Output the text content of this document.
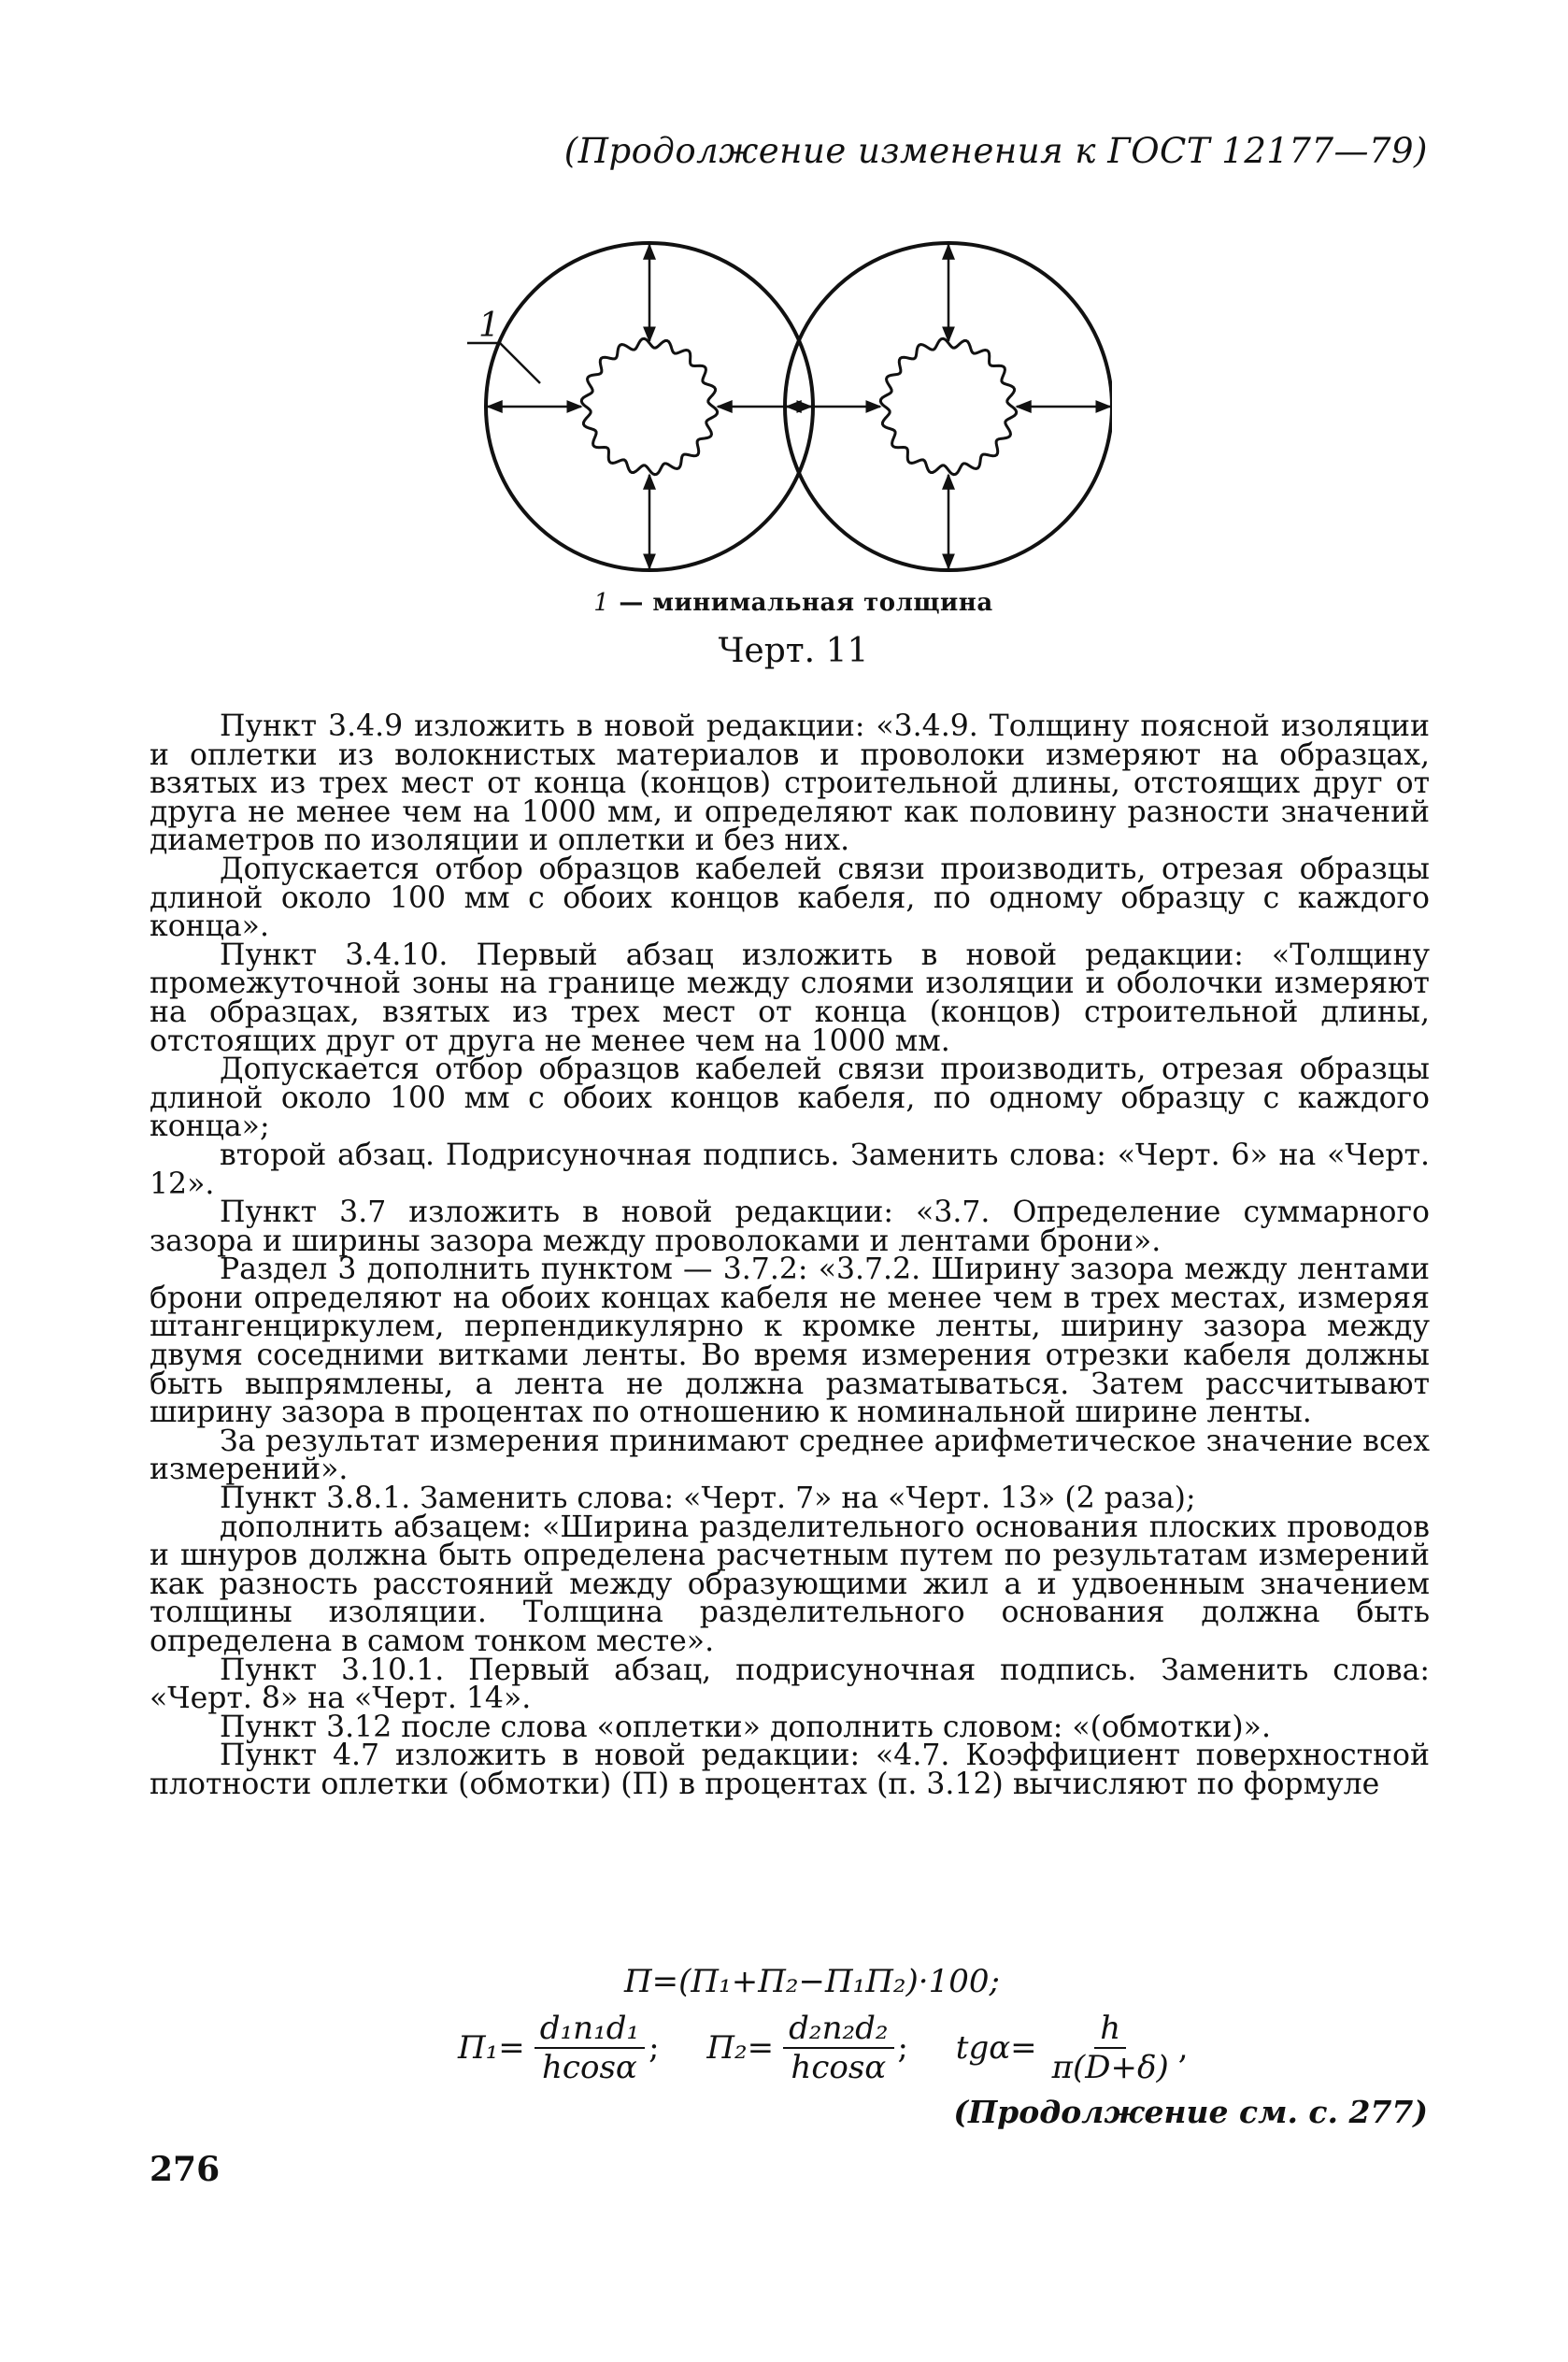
(Продолжение изменения к ГОСТ 12177—79)
1
1 — минимальная толщина
Черт. 11

Пункт 3.4.9 изложить в новой редакции: «3.4.9. Толщину поясной изоляции и оплетки из волокнистых материалов и проволоки измеряют на образцах, взятых из трех мест от конца (концов) строительной длины, отстоящих друг от друга не менее чем на 1000 мм, и определяют как половину разности значений диаметров по изоляции и оплетки и без них.

Допускается отбор образцов кабелей связи производить, отрезая образцы длиной около 100 мм с обоих концов кабеля, по одному образцу с каждого конца».

Пункт 3.4.10. Первый абзац изложить в новой редакции: «Толщину промежуточной зоны на границе между слоями изоляции и оболочки измеряют на образцах, взятых из трех мест от конца (концов) строительной длины, отстоящих друг от друга не менее чем на 1000 мм.

Допускается отбор образцов кабелей связи производить, отрезая образцы длиной около 100 мм с обоих концов кабеля, по одному образцу с каждого конца»;

второй абзац. Подрисуночная подпись. Заменить слова: «Черт. 6» на «Черт. 12».

Пункт 3.7 изложить в новой редакции: «3.7. Определение суммарного зазора и ширины зазора между проволоками и лентами брони».

Раздел 3 дополнить пунктом — 3.7.2: «3.7.2. Ширину зазора между лентами брони определяют на обоих концах кабеля не менее чем в трех местах, измеряя штангенциркулем, перпендикулярно к кромке ленты, ширину зазора между двумя соседними витками ленты. Во время измерения отрезки кабеля должны быть выпрямлены, а лента не должна разматываться. Затем рассчитывают ширину зазора в процентах по отношению к номинальной ширине ленты.

За результат измерения принимают среднее арифметическое значение всех измерений».

Пункт 3.8.1. Заменить слова: «Черт. 7» на «Черт. 13» (2 раза);

дополнить абзацем: «Ширина разделительного основания плоских проводов и шнуров должна быть определена расчетным путем по результатам измерений как разность расстояний между образующими жил a и удвоенным значением толщины изоляции. Толщина разделительного основания должна быть определена в самом тонком месте».

Пункт 3.10.1. Первый абзац, подрисуночная подпись. Заменить слова: «Черт. 8» на «Черт. 14».

Пункт 3.12 после слова «оплетки» дополнить словом: «(обмотки)».

Пункт 4.7 изложить в новой редакции: «4.7. Коэффициент поверхностной плотности оплетки (обмотки) (П) в процентах (п. 3.12) вычисляют по формуле

П=(П₁+П₂−П₁П₂)·100;
$П_1= \frac{\text{d₁n₁d₁}}{hcos\alpha}$ ;
$П_2= \frac{\text{d₂n₂d₂}}{hcos\alpha}$ ;
$tg\alpha= \frac{h}{\pi(D+\delta)}$ ,
(Продолжение см. с. 277)
276
